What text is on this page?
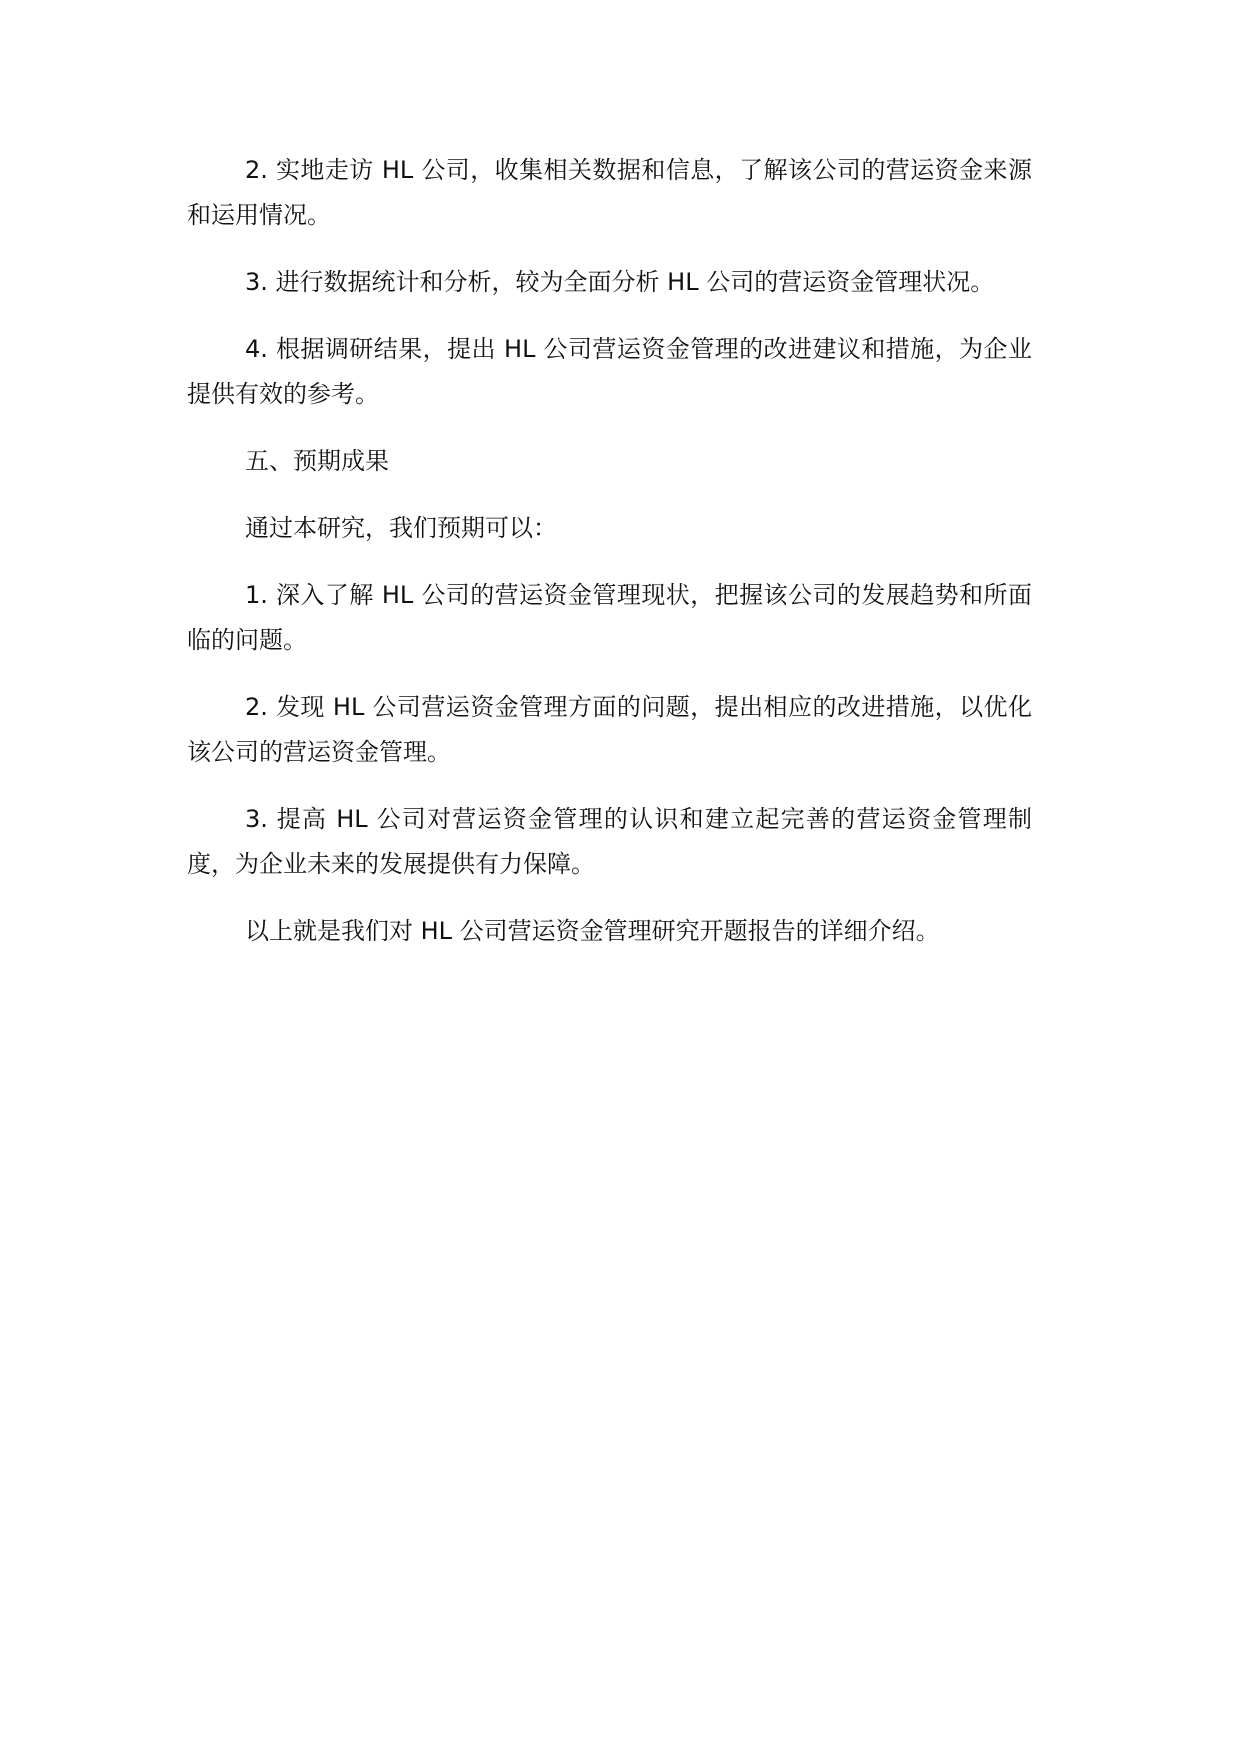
2. 实地走访 HL 公司，收集相关数据和信息，了解该公司的营运资金来源和运用情况。

3. 进行数据统计和分析，较为全面分析 HL 公司的营运资金管理状况。

4. 根据调研结果，提出 HL 公司营运资金管理的改进建议和措施，为企业提供有效的参考。

五、预期成果

通过本研究，我们预期可以：

1. 深入了解 HL 公司的营运资金管理现状，把握该公司的发展趋势和所面临的问题。

2. 发现 HL 公司营运资金管理方面的问题，提出相应的改进措施，以优化该公司的营运资金管理。

3. 提高 HL 公司对营运资金管理的认识和建立起完善的营运资金管理制度，为企业未来的发展提供有力保障。

以上就是我们对 HL 公司营运资金管理研究开题报告的详细介绍。
